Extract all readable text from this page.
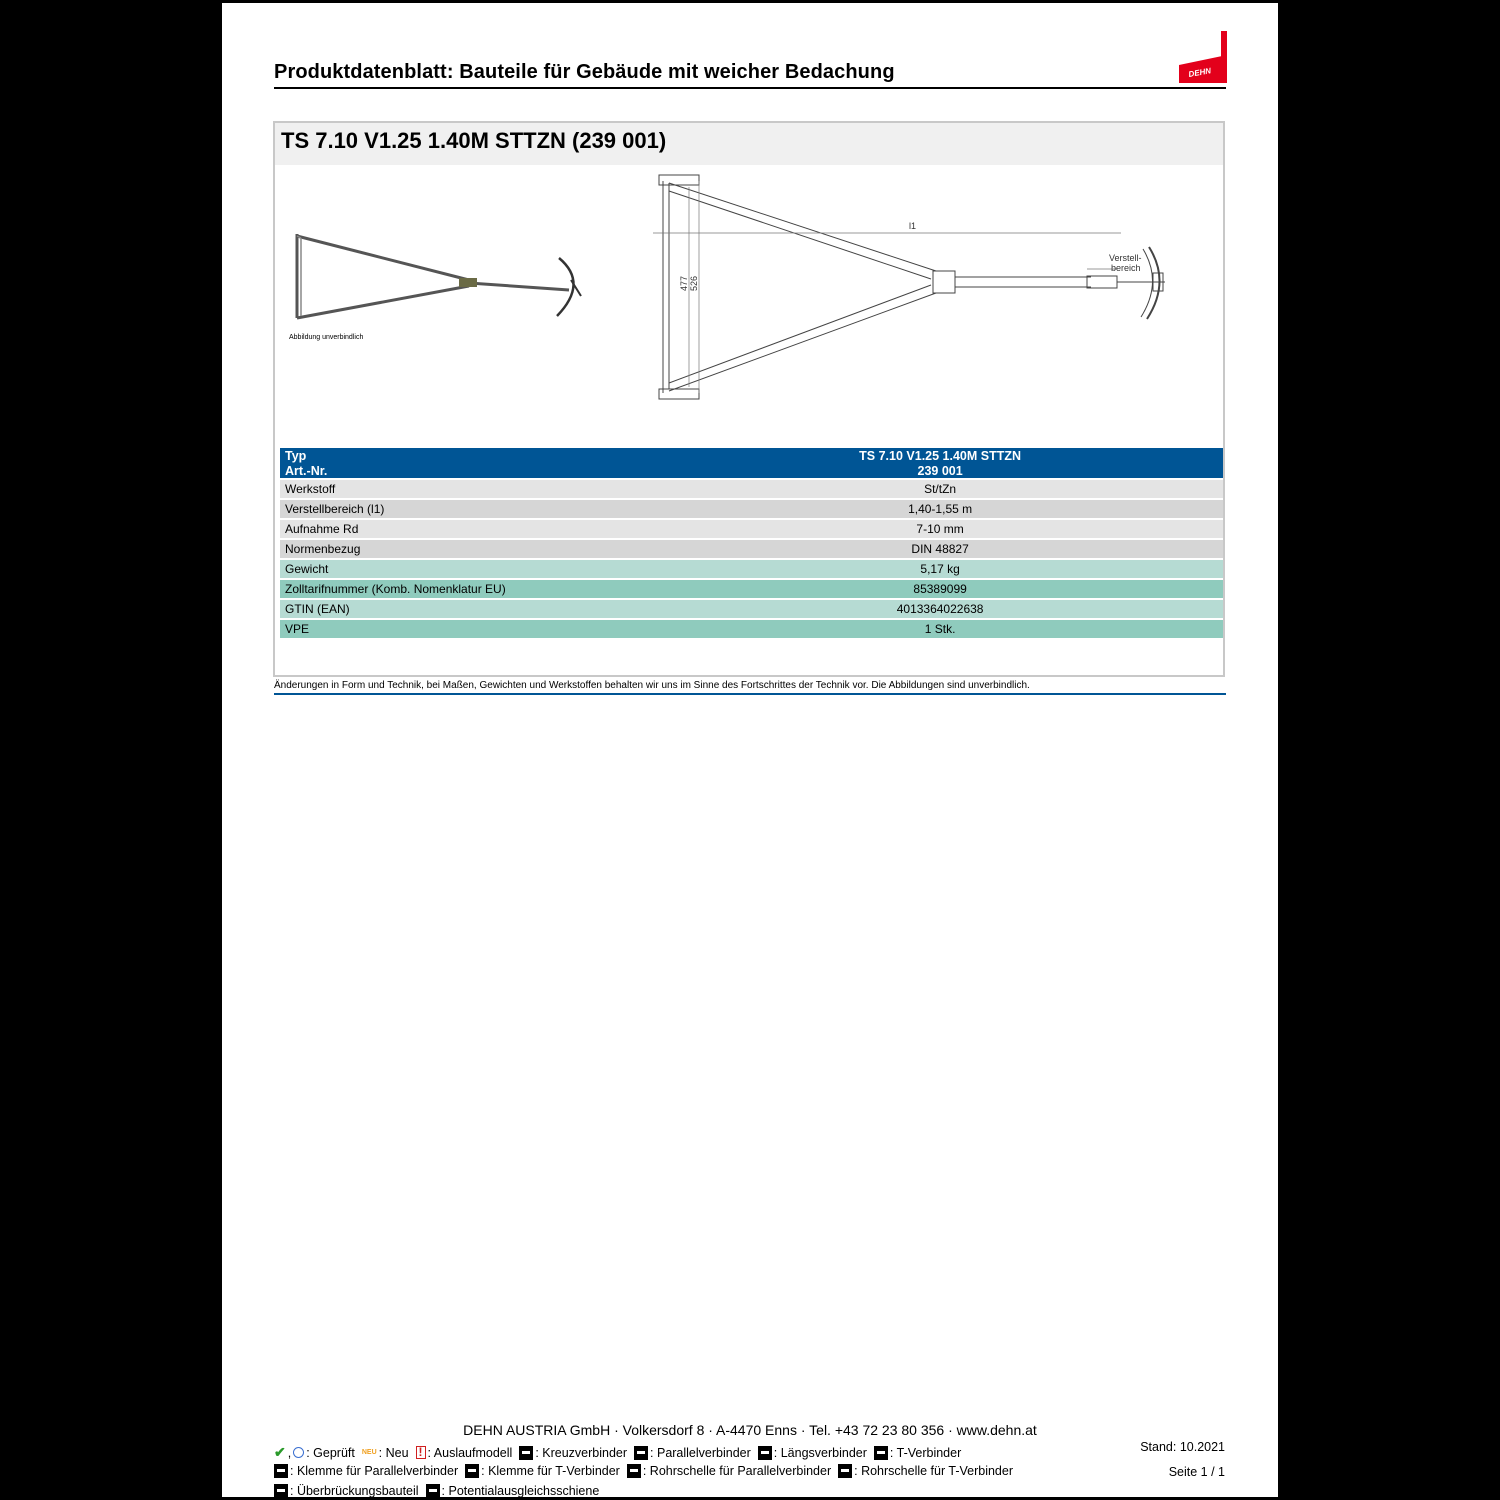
Produktdatenblatt: Bauteile für Gebäude mit weicher Bedachung	DEHN
TS 7.10 V1.25 1.40M STTZN (239 001)
Abbildung unverbindlich
l1
Verstell-
bereich
477 526
Typ	TS 7.10 V1.25 1.40M STTZN
Art.-Nr.	239 001
Werkstoff	St/tZn
Verstellbereich (l1)	1,40-1,55 m
Aufnahme Rd	7-10 mm
Normenbezug	DIN 48827
Gewicht	5,17 kg
Zolltarifnummer (Komb. Nomenklatur EU)	85389099
GTIN (EAN)	4013364022638
VPE	1 Stk.
Änderungen in Form und Technik, bei Maßen, Gewichten und Werkstoffen behalten wir uns im Sinne des Fortschrittes der Technik vor. Die Abbildungen sind unverbindlich.
DEHN AUSTRIA GmbH · Volkersdorf 8 · A-4470 Enns · Tel. +43 72 23 80 356 · www.dehn.at
✔ , : Geprüft NEU : Neu ! : Auslaufmodell : Kreuzverbinder : Parallelverbinder : Längsverbinder : T-Verbinder
: Klemme für Parallelverbinder : Klemme für T-Verbinder : Rohrschelle für Parallelverbinder : Rohrschelle für T-Verbinder
: Überbrückungsbauteil : Potentialausgleichsschiene
Stand: 10.2021
Seite 1 / 1
